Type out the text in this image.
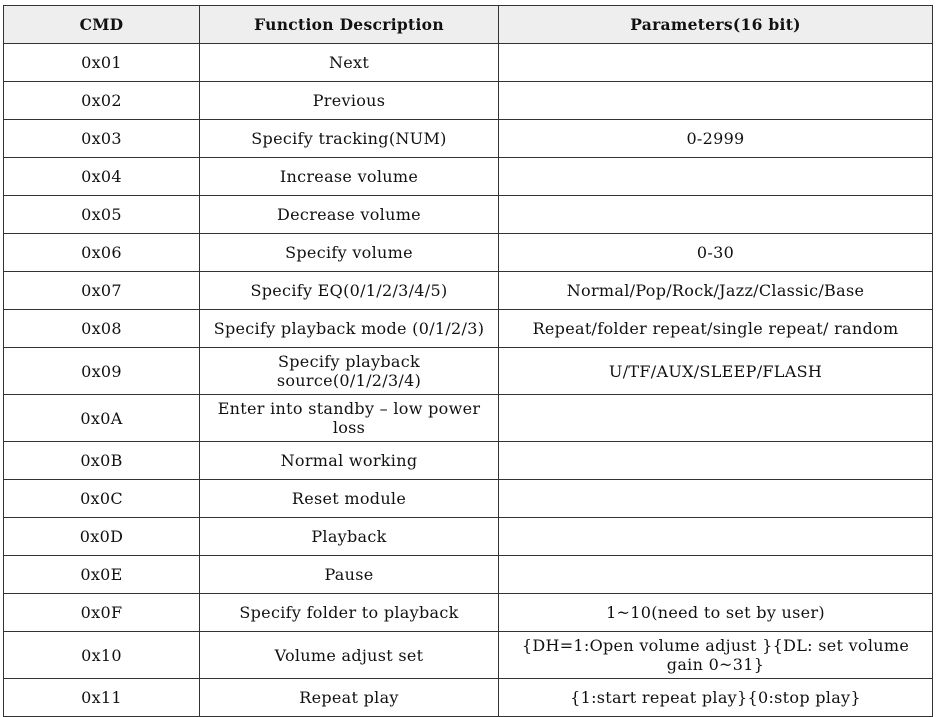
CMD	Function Description	Parameters(16 bit)
0x01	Next	
0x02	Previous	
0x03	Specify tracking(NUM)	0-2999
0x04	Increase volume	
0x05	Decrease volume	
0x06	Specify volume	0-30
0x07	Specify EQ(0/1/2/3/4/5)	Normal/Pop/Rock/Jazz/Classic/Base
0x08	Specify playback mode (0/1/2/3)	Repeat/folder repeat/single repeat/ random
0x09	Specify playback source(0/1/2/3/4)	U/TF/AUX/SLEEP/FLASH
0x0A	Enter into standby – low power loss	
0x0B	Normal working	
0x0C	Reset module	
0x0D	Playback	
0x0E	Pause	
0x0F	Specify folder to playback	1~10(need to set by user)
0x10	Volume adjust set	{DH=1:Open volume adjust }{DL: set volume gain 0~31}
0x11	Repeat play	{1:start repeat play}{0:stop play}
